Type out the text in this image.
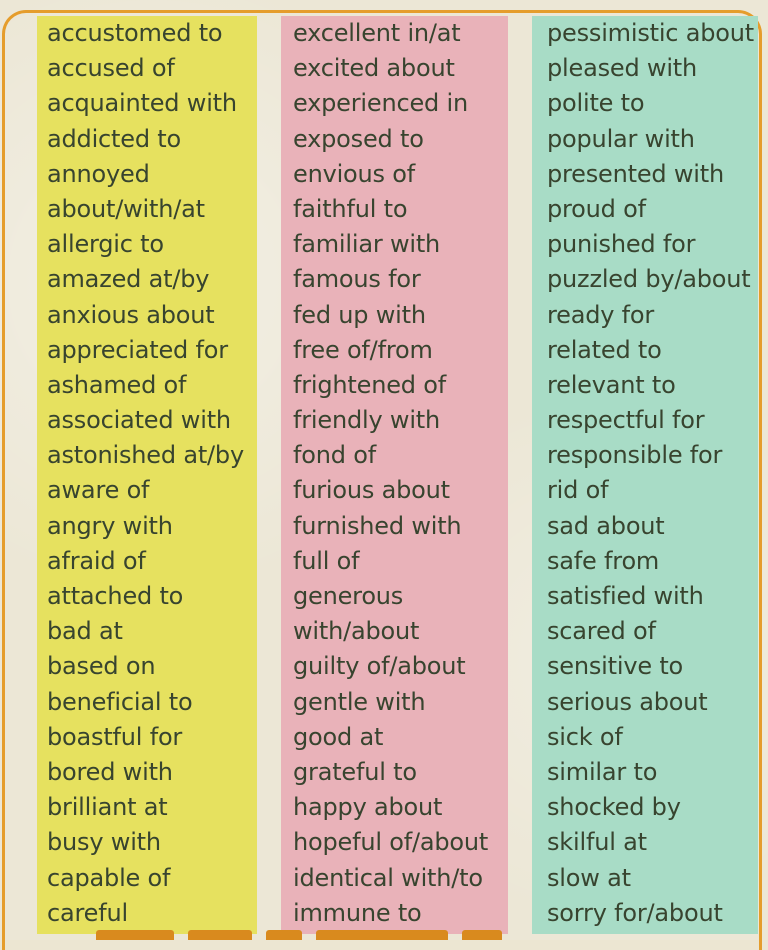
accustomed to
accused of
acquainted with
addicted to
annoyed
about/with/at
allergic to
amazed at/by
anxious about
appreciated for
ashamed of
associated with
astonished at/by
aware of
angry with
afraid of
attached to
bad at
based on
beneficial to
boastful for
bored with
brilliant at
busy with
capable of
careful
excellent in/at
excited about
experienced in
exposed to
envious of
faithful to
familiar with
famous for
fed up with
free of/from
frightened of
friendly with
fond of
furious about
furnished with
full of
generous
with/about
guilty of/about
gentle with
good at
grateful to
happy about
hopeful of/about
identical with/to
immune to
pessimistic about
pleased with
polite to
popular with
presented with
proud of
punished for
puzzled by/about
ready for
related to
relevant to
respectful for
responsible for
rid of
sad about
safe from
satisfied with
scared of
sensitive to
serious about
sick of
similar to
shocked by
skilful at
slow at
sorry for/about
